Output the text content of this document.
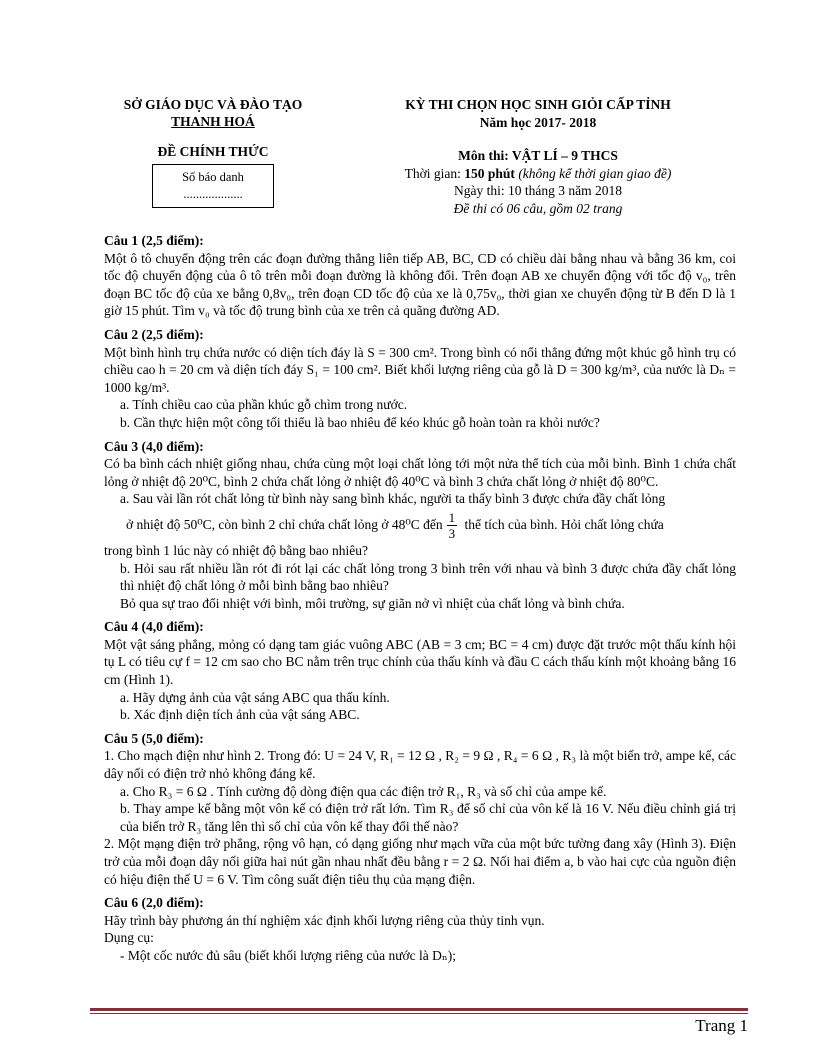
SỞ GIÁO DỤC VÀ ĐÀO TẠO
THANH HOÁ
ĐỀ CHÍNH THỨC
Số báo danh
...................
KỲ THI CHỌN HỌC SINH GIỎI CẤP TỈNH
Năm học 2017- 2018
Môn thi: VẬT LÍ – 9 THCS
Thời gian: 150 phút (không kể thời gian giao đề)
Ngày thi: 10 tháng 3 năm 2018
Đề thi có 06 câu, gồm 02 trang

Câu 1 (2,5 điểm):

Một ô tô chuyển động trên các đoạn đường thẳng liên tiếp AB, BC, CD có chiều dài bằng nhau và bằng 36 km, coi tốc độ chuyển động của ô tô trên mỗi đoạn đường là không đổi. Trên đoạn AB xe chuyển động với tốc độ v₀, trên đoạn BC tốc độ của xe bằng 0,8v₀, trên đoạn CD tốc độ của xe là 0,75v₀, thời gian xe chuyển động từ B đến D là 1 giờ 15 phút. Tìm v₀ và tốc độ trung bình của xe trên cả quãng đường AD.

Câu 2 (2,5 điểm):

Một bình hình trụ chứa nước có diện tích đáy là S = 300 cm². Trong bình có nổi thẳng đứng một khúc gỗ hình trụ có chiều cao h = 20 cm và diện tích đáy S₁ = 100 cm². Biết khối lượng riêng của gỗ là D = 300 kg/m³, của nước là Dₙ = 1000 kg/m³.

a. Tính chiều cao của phần khúc gỗ chìm trong nước.

b. Cần thực hiện một công tối thiểu là bao nhiêu để kéo khúc gỗ hoàn toàn ra khỏi nước?

Câu 3 (4,0 điểm):

Có ba bình cách nhiệt giống nhau, chứa cùng một loại chất lỏng tới một nửa thể tích của mỗi bình. Bình 1 chứa chất lỏng ở nhiệt độ 20⁰C, bình 2 chứa chất lỏng ở nhiệt độ 40⁰C và bình 3 chứa chất lỏng ở nhiệt độ 80⁰C.

a. Sau vài lần rót chất lỏng từ bình này sang bình khác, người ta thấy bình 3 được chứa đầy chất lỏng

ở nhiệt độ 50⁰C, còn bình 2 chỉ chứa chất lỏng ở 48⁰C đến $\frac{1}{3}$ thể tích của bình. Hỏi chất lỏng chứa

trong bình 1 lúc này có nhiệt độ bằng bao nhiêu?

b. Hỏi sau rất nhiều lần rót đi rót lại các chất lỏng trong 3 bình trên với nhau và bình 3 được chứa đầy chất lỏng thì nhiệt độ chất lỏng ở mỗi bình bằng bao nhiêu?

Bỏ qua sự trao đổi nhiệt với bình, môi trường, sự giãn nở vì nhiệt của chất lỏng và bình chứa.

Câu 4 (4,0 điểm):

Một vật sáng phẳng, mỏng có dạng tam giác vuông ABC (AB = 3 cm; BC = 4 cm) được đặt trước một thấu kính hội tụ L có tiêu cự f = 12 cm sao cho BC nằm trên trục chính của thấu kính và đầu C cách thấu kính một khoảng bằng 16 cm (Hình 1).

a. Hãy dựng ảnh của vật sáng ABC qua thấu kính.

b. Xác định diện tích ảnh của vật sáng ABC.

Câu 5 (5,0 điểm):

1. Cho mạch điện như hình 2. Trong đó: U = 24 V, R₁ = 12 Ω , R₂ = 9 Ω , R₄ = 6 Ω , R₃ là một biến trở, ampe kế, các dây nối có điện trở nhỏ không đáng kể.

a. Cho R₃ = 6 Ω . Tính cường độ dòng điện qua các điện trở R₁, R₃ và số chỉ của ampe kế.

b. Thay ampe kế bằng một vôn kế có điện trở rất lớn. Tìm R₃ để số chỉ của vôn kế là 16 V. Nếu điều chỉnh giá trị của biến trở R₃ tăng lên thì số chỉ của vôn kế thay đổi thế nào?

2. Một mạng điện trở phẳng, rộng vô hạn, có dạng giống như mạch vữa của một bức tường đang xây (Hình 3). Điện trở của mỗi đoạn dây nối giữa hai nút gần nhau nhất đều bằng r = 2 Ω. Nối hai điểm a, b vào hai cực của nguồn điện có hiệu điện thế U = 6 V. Tìm công suất điện tiêu thụ của mạng điện.

Câu 6 (2,0 điểm):

Hãy trình bày phương án thí nghiệm xác định khối lượng riêng của thủy tinh vụn.

Dụng cụ:

- Một cốc nước đủ sâu (biết khối lượng riêng của nước là Dₙ);

Trang 1
